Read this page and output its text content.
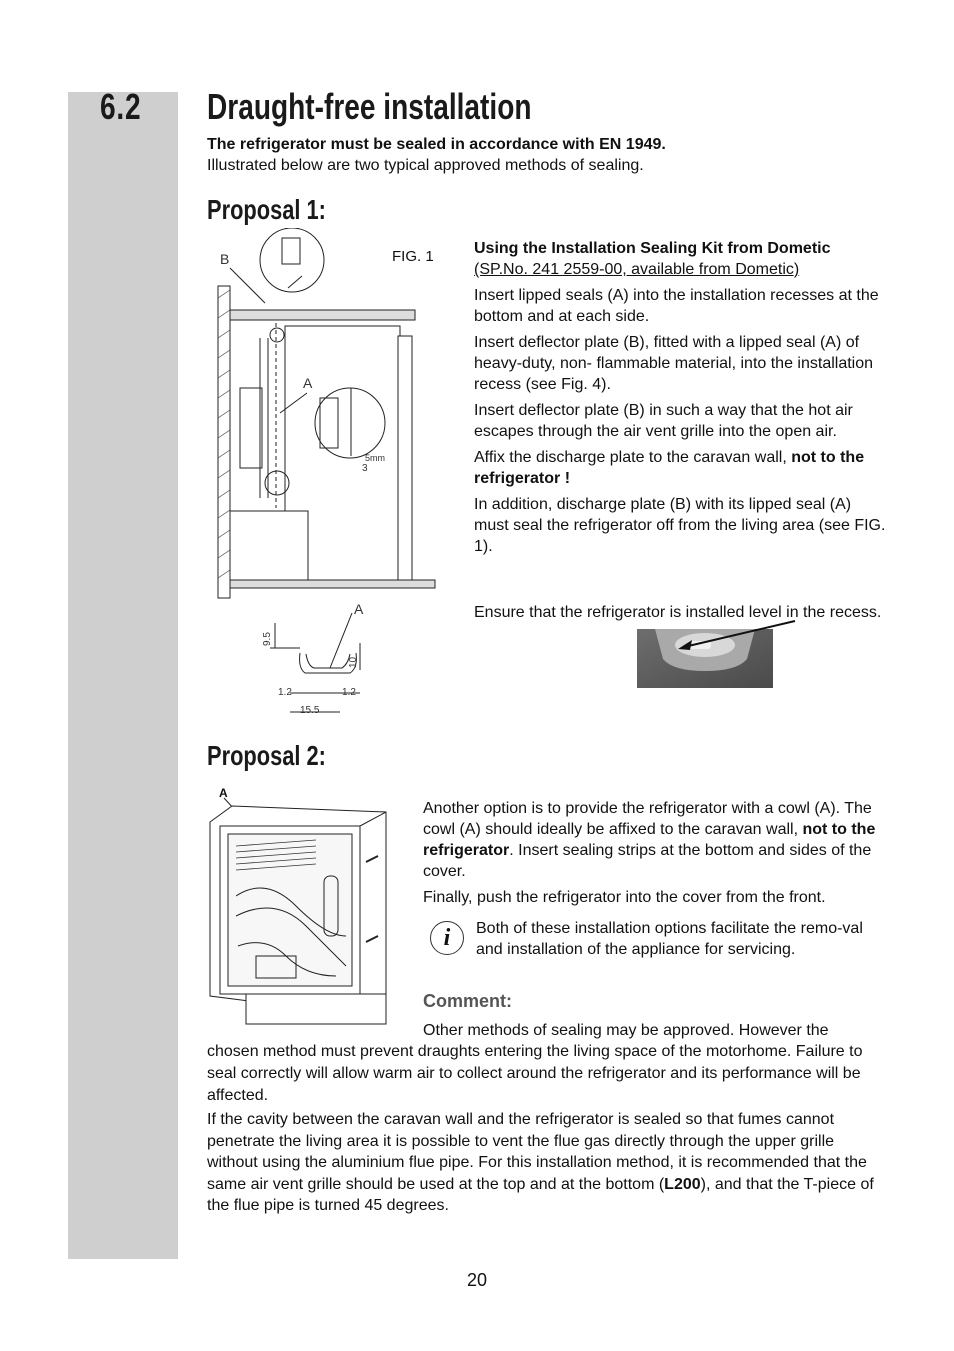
6.2 Draught-free installation
The refrigerator must be sealed in accordance with EN 1949.
Illustrated below are two typical approved methods of sealing.
Proposal 1:
B
A
5mm
3
A
9.5
10
1.2	1.2
15.5
FIG. 1	Using the Installation Sealing Kit from Dometic

(SP.No. 241 2559-00, available from Dometic)

Insert lipped seals (A) into the installation recesses at the bottom and at each side.

Insert deflector plate (B), fitted with a lipped seal (A) of heavy-duty, non- flammable material, into the installation recess (see Fig. 4).

Insert deflector plate (B) in such a way that the hot air escapes through the air vent grille into the open air.

Affix the discharge plate to the caravan wall, not to the refrigerator !

In addition, discharge plate (B) with its lipped seal (A) must seal the refrigerator off from the living area (see FIG. 1).

Ensure that the refrigerator is installed level in the recess.
Proposal 2:
A

Another option is to provide the refrigerator with a cowl (A). The cowl (A) should ideally be affixed to the caravan wall, not to the refrigerator. Insert sealing strips at the bottom and sides of the cover.

Finally, push the refrigerator into the cover from the front.

i	Both of these installation options facilitate the remo-val and installation of the appliance for servicing.
Comment:
Other methods of sealing may be approved. However the
chosen method must prevent draughts entering the living space of the motorhome. Failure to seal correctly will allow warm air to collect around the refrigerator and its performance will be affected.
If the cavity between the caravan wall and the refrigerator is sealed so that fumes cannot penetrate the living area it is possible to vent the flue gas directly through the upper grille without using the aluminium flue pipe. For this installation method, it is recommended that the same air vent grille should be used at the top and at the bottom (L200), and that the T-piece of the flue pipe is turned 45 degrees.
20
